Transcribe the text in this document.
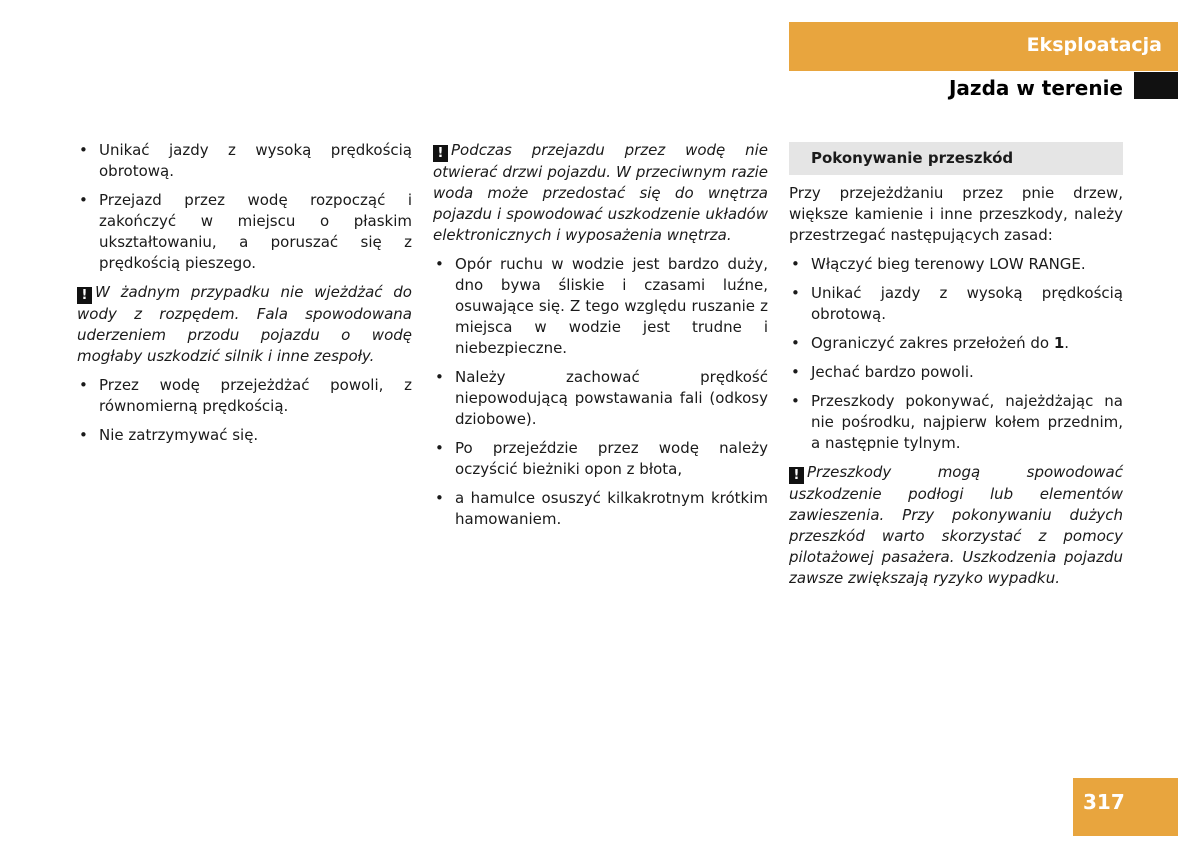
Eksploatacja
Jazda w terenie
• Unikać jazdy z wysoką prędkością obrotową.
• Przejazd przez wodę rozpocząć i zakończyć w miejscu o płaskim ukształtowaniu, a poruszać się z prędkością pieszego.

! W żadnym przypadku nie wjeżdżać do wody z rozpędem. Fala spowodowana uderzeniem przodu pojazdu o wodę mogłaby uszkodzić silnik i inne zespoły.

• Przez wodę przejeżdżać powoli, z równomierną prędkością.
• Nie zatrzymywać się.

! Podczas przejazdu przez wodę nie otwierać drzwi pojazdu. W przeciwnym razie woda może przedostać się do wnętrza pojazdu i spowodować uszkodzenie układów elektronicznych i wyposażenia wnętrza.

• Opór ruchu w wodzie jest bardzo duży, dno bywa śliskie i czasami luźne, osuwające się. Z tego względu ruszanie z miejsca w wodzie jest trudne i niebezpieczne.
• Należy zachować prędkość niepowodującą powstawania fali (odkosy dziobowe).
• Po przejeździe przez wodę należy oczyścić bieżniki opon z błota,
• a hamulce osuszyć kilkakrotnym krótkim hamowaniem.
Pokonywanie przeszkód

Przy przejeżdżaniu przez pnie drzew, większe kamienie i inne przeszkody, należy przestrzegać następujących zasad:

• Włączyć bieg terenowy LOW RANGE.
• Unikać jazdy z wysoką prędkością obrotową.
• Ograniczyć zakres przełożeń do 1.
• Jechać bardzo powoli.
• Przeszkody pokonywać, najeżdżając na nie pośrodku, najpierw kołem przednim, a następnie tylnym.

! Przeszkody mogą spowodować uszkodzenie podłogi lub elementów zawieszenia. Przy pokonywaniu dużych przeszkód warto skorzystać z pomocy pilotażowej pasażera. Uszkodzenia pojazdu zawsze zwiększają ryzyko wypadku.

317
